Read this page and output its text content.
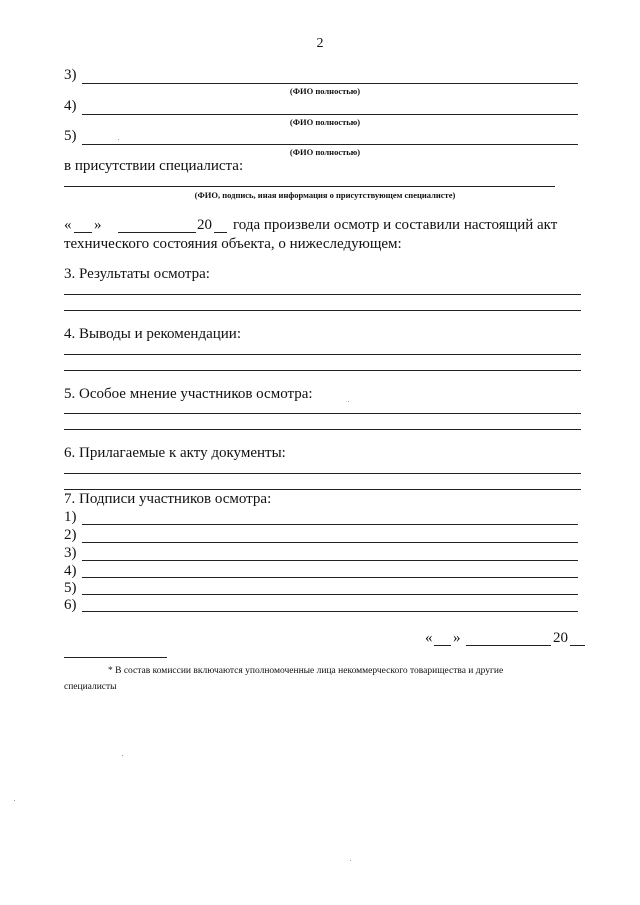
2
3)
(ФИО полностью)
4)
(ФИО полностью)
5)
(ФИО полностью)
в присутствии специалиста:
(ФИО, подпись, иная информация о присутствующем специалисте)
« »	20 года произвели осмотр и составили настоящий акт
технического состояния объекта, о нижеследующем:
3. Результаты осмотра:
4. Выводы и рекомендации:
5. Особое мнение участников осмотра:
6. Прилагаемые к акту документы:
7. Подписи участников осмотра:
1)
2)
3)
4)
5)
6)
« »	20
* В состав комиссии включаются уполномоченные лица некоммерческого товарищества и другие
специалисты
